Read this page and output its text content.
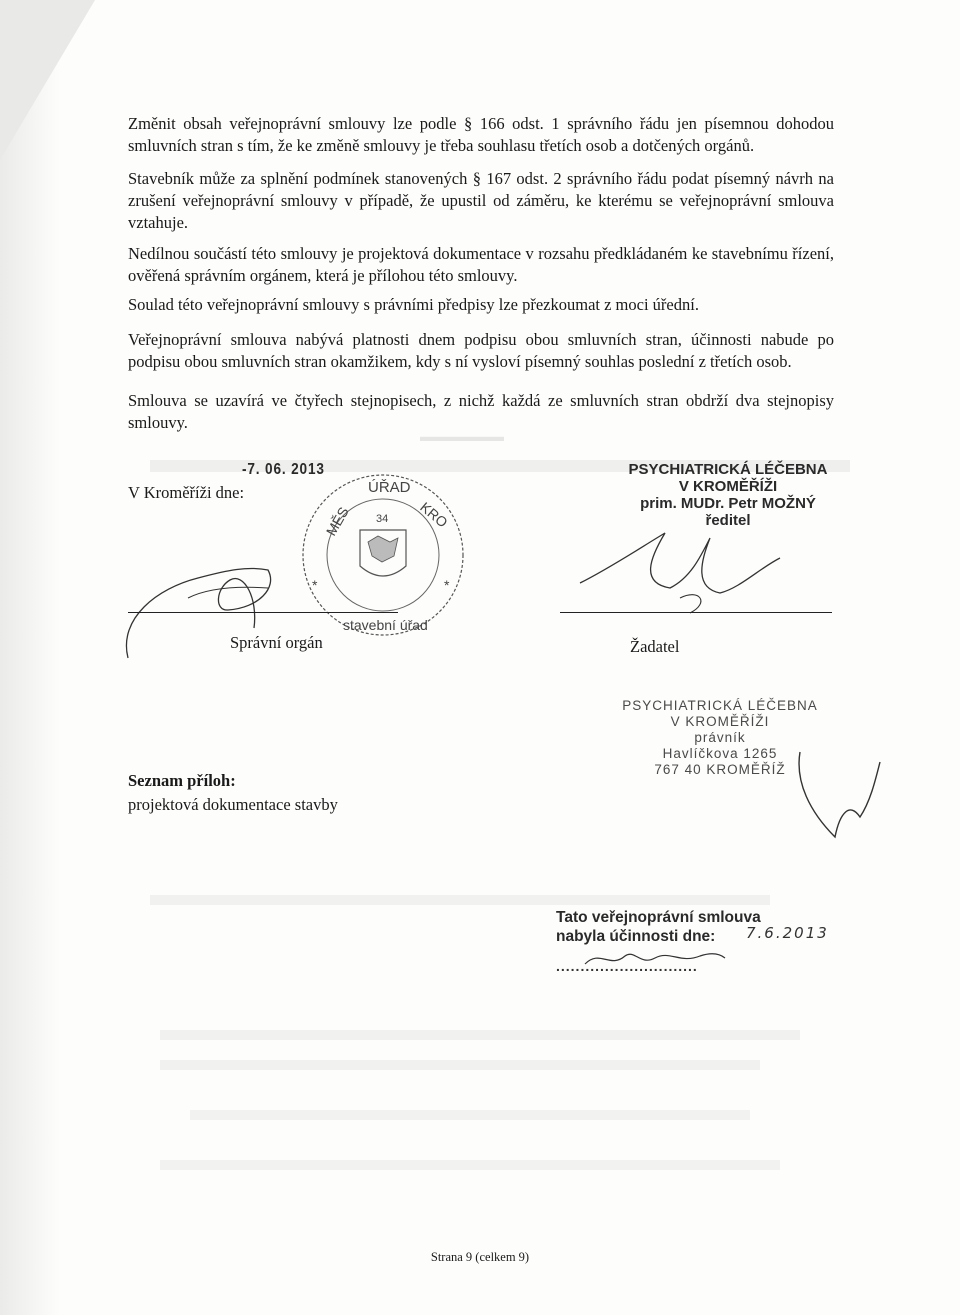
▬▬▬▬▬▬

Změnit obsah veřejnoprávní smlouvy lze podle § 166 odst. 1 správního řádu jen písemnou dohodou smluvních stran s tím, že ke změně smlouvy je třeba souhlasu třetích osob a dotčených orgánů.

Stavebník může za splnění podmínek stanovených § 167 odst. 2 správního řádu podat písemný návrh na zrušení veřejnoprávní smlouvy v případě, že upustil od záměru, ke kterému se veřejnoprávní smlouva vztahuje.

Nedílnou součástí této smlouvy je projektová dokumentace v rozsahu předkládaném ke stavebnímu řízení, ověřená správním orgánem, která je přílohou této smlouvy.

Soulad této veřejnoprávní smlouvy s právními předpisy lze přezkoumat z moci úřední.

Veřejnoprávní smlouva nabývá platnosti dnem podpisu obou smluvních stran, účinnosti nabude po podpisu obou smluvních stran okamžikem, kdy s ní vysloví písemný souhlas poslední z třetích osob.

Smlouva se uzavírá ve čtyřech stejnopisech, z nichž každá ze smluvních stran obdrží dva stejnopisy smlouvy.

-7. 06. 2013
V Kroměříži dne:
34
MĚS
ÚŘAD
KRO
stavební úřad
*	*
PSYCHIATRICKÁ LÉČEBNA
V KROMĚŘÍŽI
prim. MUDr. Petr MOŽNÝ
ředitel
Správní orgán	Žadatel
PSYCHIATRICKÁ LÉČEBNA
V KROMĚŘÍŽI
právník
Havlíčkova 1265
767 40 KROMĚŘÍŽ
Seznam příloh:
projektová dokumentace stavby
Tato veřejnoprávní smlouva
nabyla účinnosti dne:	7.6.2013
.............................
Strana 9 (celkem 9)
